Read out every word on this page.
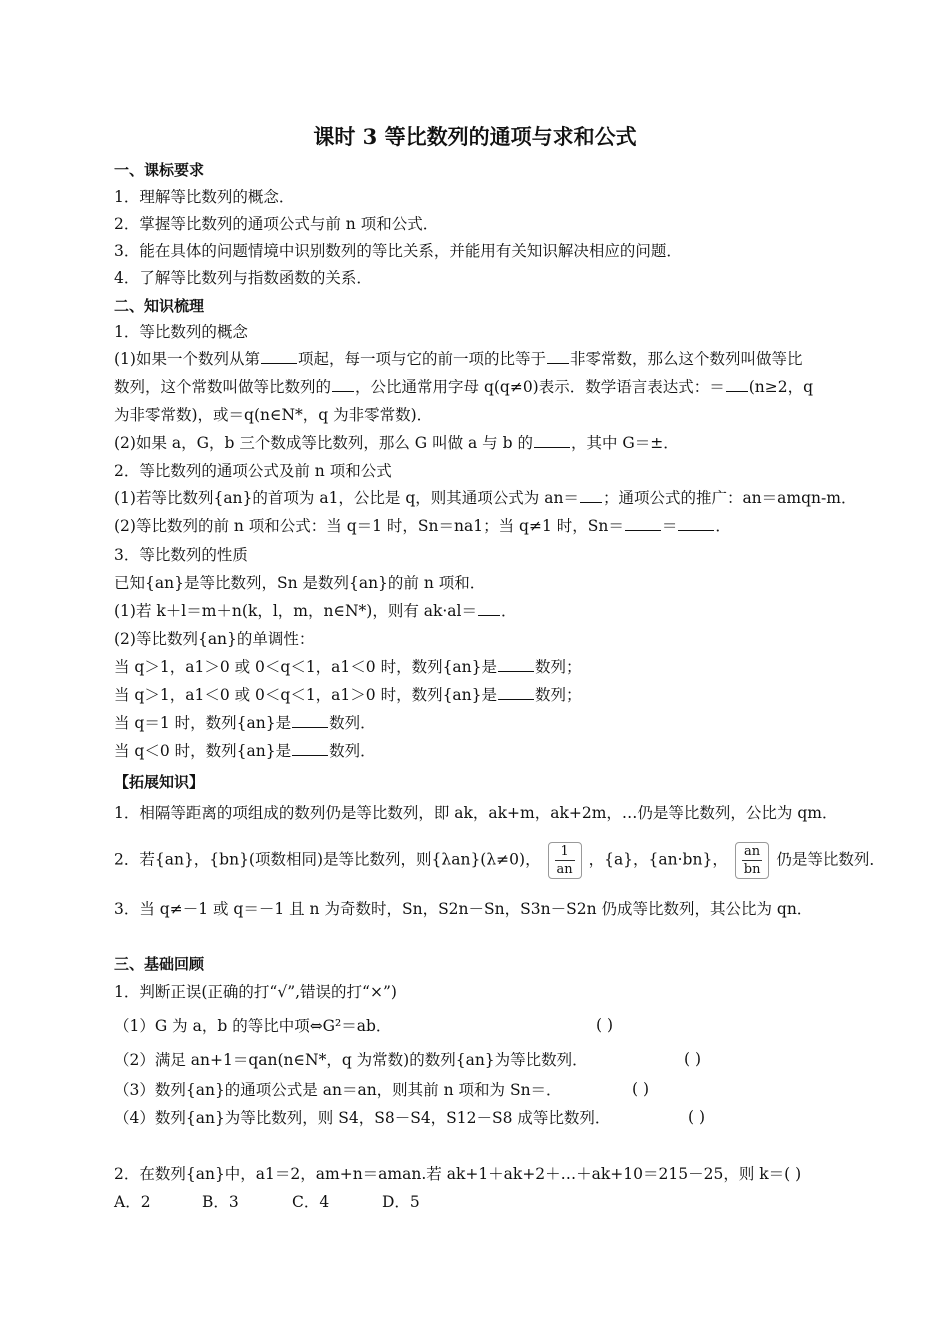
课时 3 等比数列的通项与求和公式
一、课标要求
1．理解等比数列的概念．
2．掌握等比数列的通项公式与前 n 项和公式．
3．能在具体的问题情境中识别数列的等比关系，并能用有关知识解决相应的问题．
4．了解等比数列与指数函数的关系．
二、知识梳理
1．等比数列的概念
(1)如果一个数列从第 项起，每一项与它的前一项的比等于 非零常数，那么这个数列叫做等比
数列，这个常数叫做等比数列的 ，公比通常用字母 q(q≠0)表示．数学语言表达式：＝ (n≥2，q
为非零常数)，或＝q(n∈N*，q 为非零常数)．
(2)如果 a，G，b 三个数成等比数列，那么 G 叫做 a 与 b 的 ，其中 G＝±．
2．等比数列的通项公式及前 n 项和公式
(1)若等比数列{an}的首项为 a1，公比是 q，则其通项公式为 an＝ ；通项公式的推广：an＝amqn-m．
(2)等比数列的前 n 项和公式：当 q＝1 时，Sn＝na1；当 q≠1 时，Sn＝ ＝ ．
3．等比数列的性质
已知{an}是等比数列，Sn 是数列{an}的前 n 项和．
(1)若 k＋l＝m＋n(k，l，m，n∈N*)，则有 ak·al＝ ．
(2)等比数列{an}的单调性：
当 q＞1，a1＞0 或 0＜q＜1，a1＜0 时，数列{an}是 数列；
当 q＞1，a1＜0 或 0＜q＜1，a1＞0 时，数列{an}是 数列；
当 q＝1 时，数列{an}是 数列．
当 q＜0 时，数列{an}是 数列．
【拓展知识】
1．相隔等距离的项组成的数列仍是等比数列，即 ak，ak+m，ak+2m，…仍是等比数列，公比为 qm．
2．若{an}，{bn}(项数相同)是等比数列，则{λan}(λ≠0)， $\frac{1}{an}$ ，{a}，{an·bn}， $\frac{an}{bn}$ 仍是等比数列．
3．当 q≠－1 或 q＝－1 且 n 为奇数时，Sn，S2n－Sn，S3n－S2n 仍成等比数列，其公比为 qn．
三、基础回顾
1．判断正误(正确的打“√”,错误的打“×”)
（1）G 为 a，b 的等比中项⇔G²＝ab．	( )
（2）满足 an+1＝qan(n∈N*，q 为常数)的数列{an}为等比数列．	( )
（3）数列{an}的通项公式是 an＝an，则其前 n 项和为 Sn＝．	( )
（4）数列{an}为等比数列，则 S4，S8－S4，S12－S8 成等比数列．	( )
2．在数列{an}中，a1＝2，am+n＝aman.若 ak+1＋ak+2＋…＋ak+10＝215－25，则 k＝( )
A．2	B．3	C．4	D．5
